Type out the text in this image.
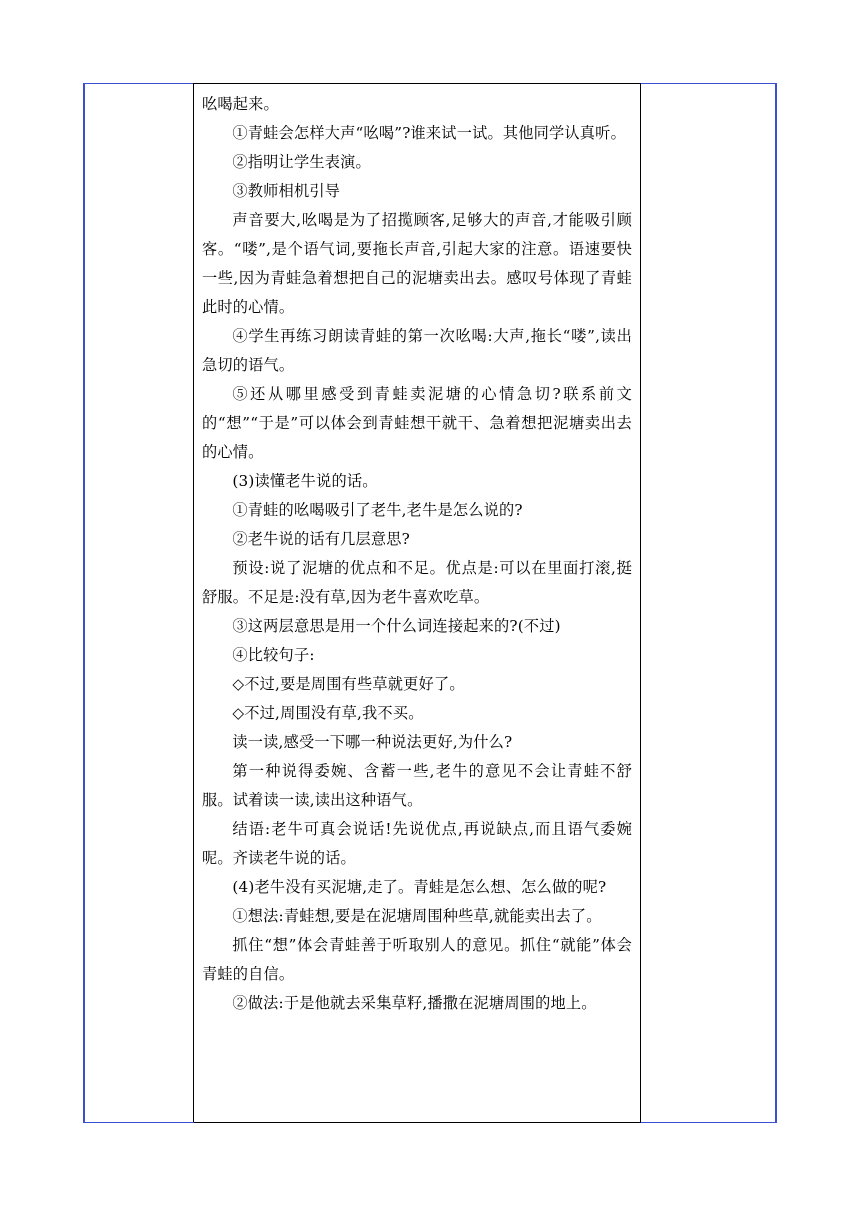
吆喝起来。

①青蛙会怎样大声“吆喝”?谁来试一试。其他同学认真听。

②指明让学生表演。

③教师相机引导

声音要大,吆喝是为了招揽顾客,足够大的声音,才能吸引顾客。“喽”,是个语气词,要拖长声音,引起大家的注意。语速要快一些,因为青蛙急着想把自己的泥塘卖出去。感叹号体现了青蛙此时的心情。

④学生再练习朗读青蛙的第一次吆喝:大声,拖长“喽”,读出急切的语气。

⑤还从哪里感受到青蛙卖泥塘的心情急切?联系前文的“想”“于是”可以体会到青蛙想干就干、急着想把泥塘卖出去的心情。

(3)读懂老牛说的话。

①青蛙的吆喝吸引了老牛,老牛是怎么说的?

②老牛说的话有几层意思?

预设:说了泥塘的优点和不足。优点是:可以在里面打滚,挺舒服。不足是:没有草,因为老牛喜欢吃草。

③这两层意思是用一个什么词连接起来的?(不过)

④比较句子:

◇不过,要是周围有些草就更好了。

◇不过,周围没有草,我不买。

读一读,感受一下哪一种说法更好,为什么?

第一种说得委婉、含蓄一些,老牛的意见不会让青蛙不舒服。试着读一读,读出这种语气。

结语:老牛可真会说话!先说优点,再说缺点,而且语气委婉呢。齐读老牛说的话。

(4)老牛没有买泥塘,走了。青蛙是怎么想、怎么做的呢?

①想法:青蛙想,要是在泥塘周围种些草,就能卖出去了。

抓住“想”体会青蛙善于听取别人的意见。抓住“就能”体会青蛙的自信。

②做法:于是他就去采集草籽,播撒在泥塘周围的地上。
